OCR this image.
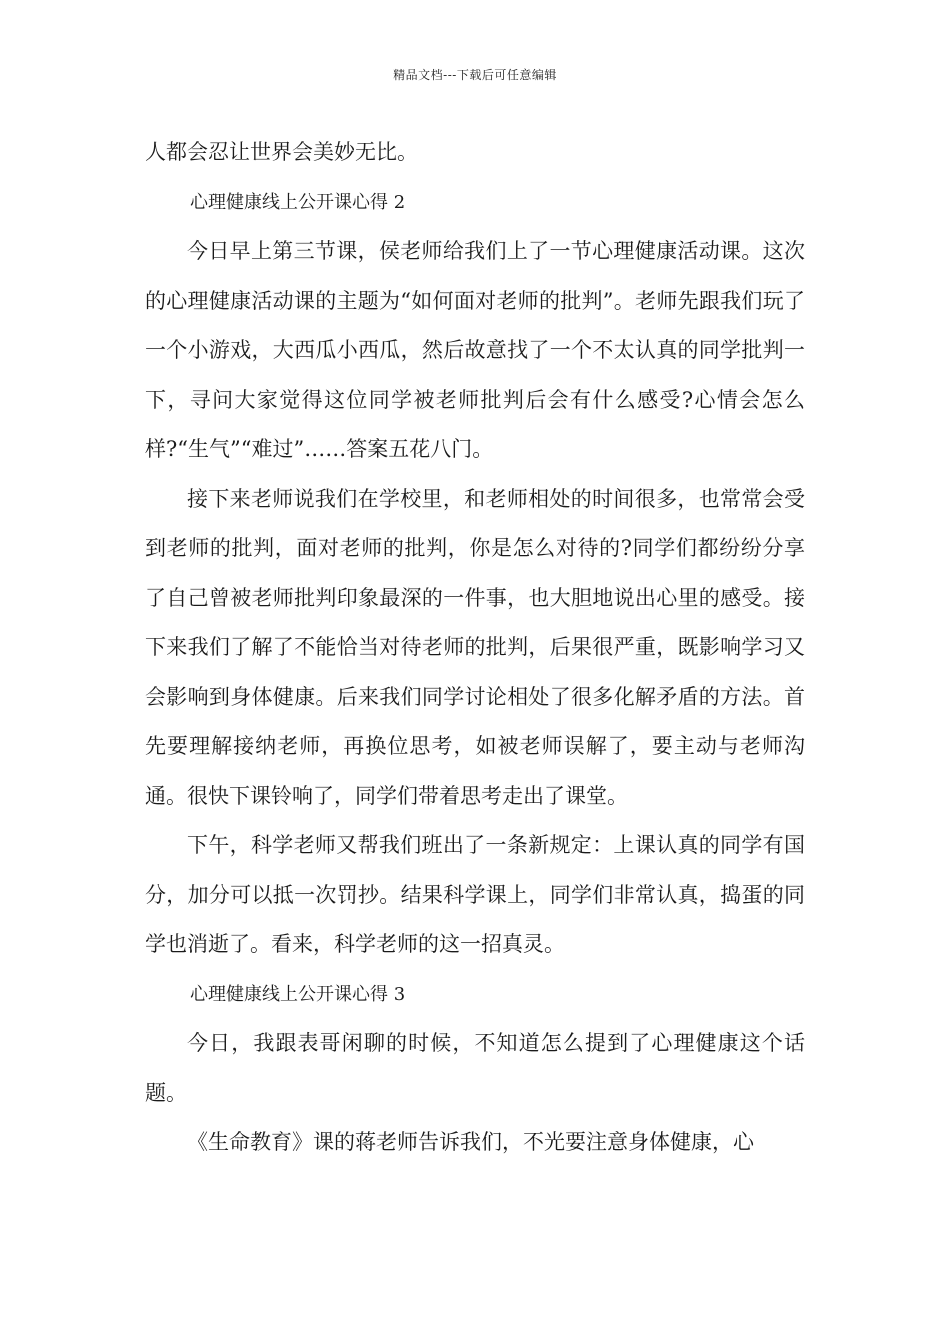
精品文档---下载后可任意编辑

人都会忍让世界会美妙无比。

心理健康线上公开课心得 2

今日早上第三节课，侯老师给我们上了一节心理健康活动课。这次的心理健康活动课的主题为“如何面对老师的批判”。老师先跟我们玩了一个小游戏，大西瓜小西瓜，然后故意找了一个不太认真的同学批判一下，寻问大家觉得这位同学被老师批判后会有什么感受?心情会怎么样?“生气”“难过”……答案五花八门。

接下来老师说我们在学校里，和老师相处的时间很多，也常常会受到老师的批判，面对老师的批判，你是怎么对待的?同学们都纷纷分享了自己曾被老师批判印象最深的一件事，也大胆地说出心里的感受。接下来我们了解了不能恰当对待老师的批判，后果很严重，既影响学习又会影响到身体健康。后来我们同学讨论相处了很多化解矛盾的方法。首先要理解接纳老师，再换位思考，如被老师误解了，要主动与老师沟通。很快下课铃响了，同学们带着思考走出了课堂。

下午，科学老师又帮我们班出了一条新规定：上课认真的同学有国分，加分可以抵一次罚抄。结果科学课上，同学们非常认真，捣蛋的同学也消逝了。看来，科学老师的这一招真灵。

心理健康线上公开课心得 3

今日，我跟表哥闲聊的时候，不知道怎么提到了心理健康这个话题。

《生命教育》课的蒋老师告诉我们，不光要注意身体健康，心
